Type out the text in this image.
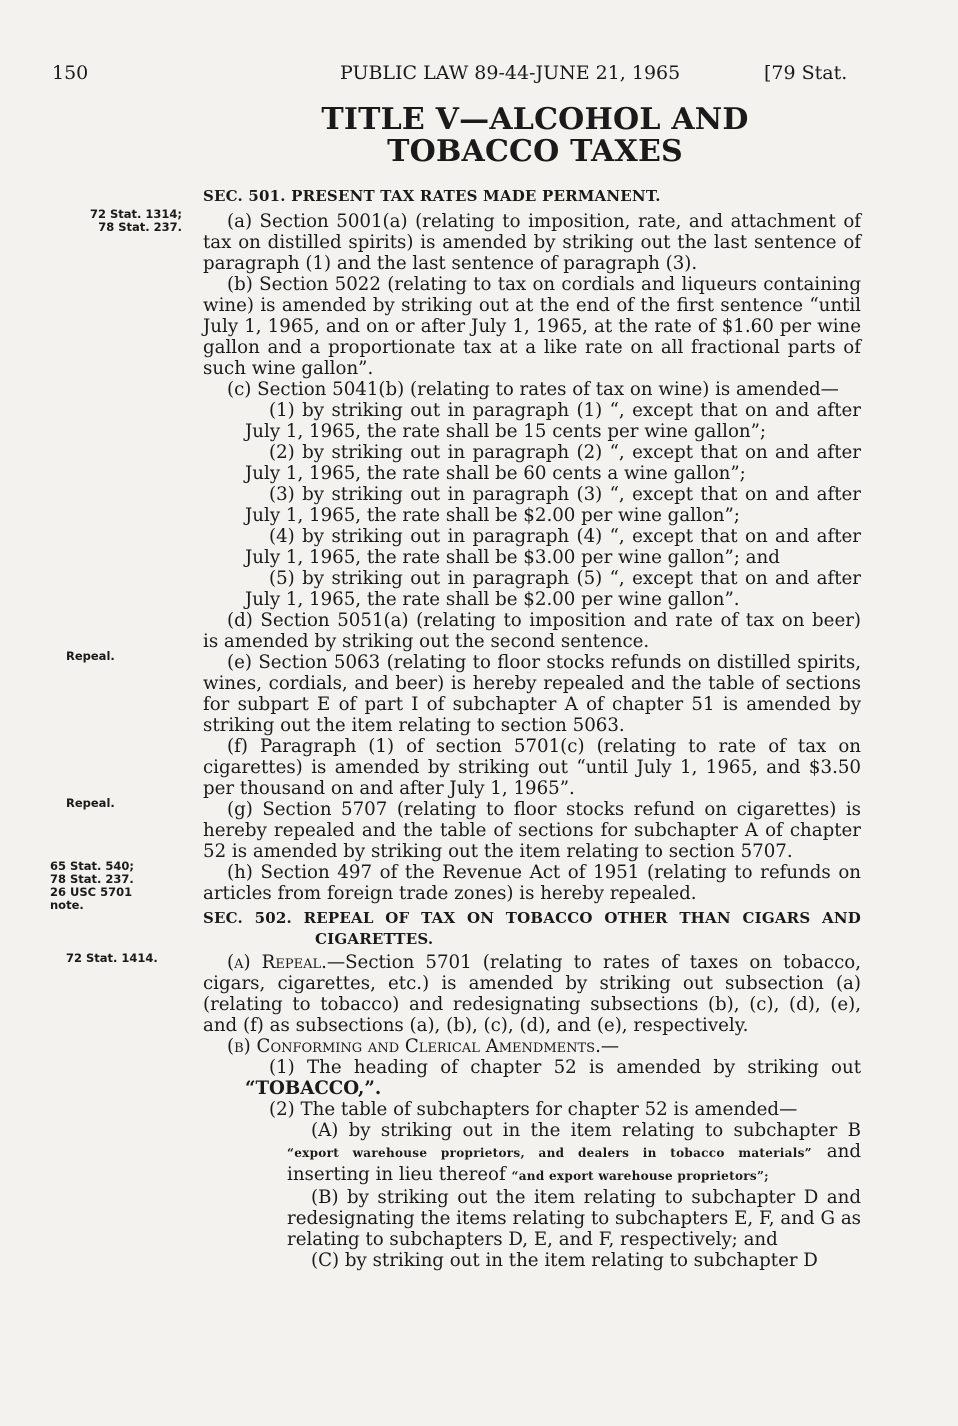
150	PUBLIC LAW 89-44-JUNE 21, 1965	[79 Stat.
TITLE V—ALCOHOL AND TOBACCO TAXES
72 Stat. 1314;
78 Stat. 237.
Repeal.
Repeal.
65 Stat. 540;
78 Stat. 237.
26 USC 5701
note.
72 Stat. 1414.

SEC. 501. PRESENT TAX RATES MADE PERMANENT.

(a) Section 5001(a) (relating to imposition, rate, and attachment of tax on distilled spirits) is amended by striking out the last sentence of paragraph (1) and the last sentence of paragraph (3).

(b) Section 5022 (relating to tax on cordials and liqueurs containing wine) is amended by striking out at the end of the first sentence “until July 1, 1965, and on or after July 1, 1965, at the rate of $1.60 per wine gallon and a proportionate tax at a like rate on all fractional parts of such wine gallon”.

(c) Section 5041(b) (relating to rates of tax on wine) is amended—

(1) by striking out in paragraph (1) “, except that on and after July 1, 1965, the rate shall be 15 cents per wine gallon”;

(2) by striking out in paragraph (2) “, except that on and after July 1, 1965, the rate shall be 60 cents a wine gallon”;

(3) by striking out in paragraph (3) “, except that on and after July 1, 1965, the rate shall be $2.00 per wine gallon”;

(4) by striking out in paragraph (4) “, except that on and after July 1, 1965, the rate shall be $3.00 per wine gallon”; and

(5) by striking out in paragraph (5) “, except that on and after July 1, 1965, the rate shall be $2.00 per wine gallon”.

(d) Section 5051(a) (relating to imposition and rate of tax on beer) is amended by striking out the second sentence.

(e) Section 5063 (relating to floor stocks refunds on distilled spirits, wines, cordials, and beer) is hereby repealed and the table of sections for subpart E of part I of subchapter A of chapter 51 is amended by striking out the item relating to section 5063.

(f) Paragraph (1) of section 5701(c) (relating to rate of tax on cigarettes) is amended by striking out “until July 1, 1965, and $3.50 per thousand on and after July 1, 1965”.

(g) Section 5707 (relating to floor stocks refund on cigarettes) is hereby repealed and the table of sections for subchapter A of chapter 52 is amended by striking out the item relating to section 5707.

(h) Section 497 of the Revenue Act of 1951 (relating to refunds on articles from foreign trade zones) is hereby repealed.

SEC. 502. REPEAL OF TAX ON TOBACCO OTHER THAN CIGARS AND CIGARETTES.

(a) Repeal.—Section 5701 (relating to rates of taxes on tobacco, cigars, cigarettes, etc.) is amended by striking out subsection (a) (relating to tobacco) and redesignating subsections (b), (c), (d), (e), and (f) as subsections (a), (b), (c), (d), and (e), respectively.

(b) Conforming and Clerical Amendments.—

(1) The heading of chapter 52 is amended by striking out “TOBACCO,”.

(2) The table of subchapters for chapter 52 is amended—

(A) by striking out in the item relating to subchapter B “export warehouse proprietors, and dealers in tobacco materials” and inserting in lieu thereof “and export warehouse proprietors”;

(B) by striking out the item relating to subchapter D and redesignating the items relating to subchapters E, F, and G as relating to subchapters D, E, and F, respectively; and

(C) by striking out in the item relating to subchapter D
